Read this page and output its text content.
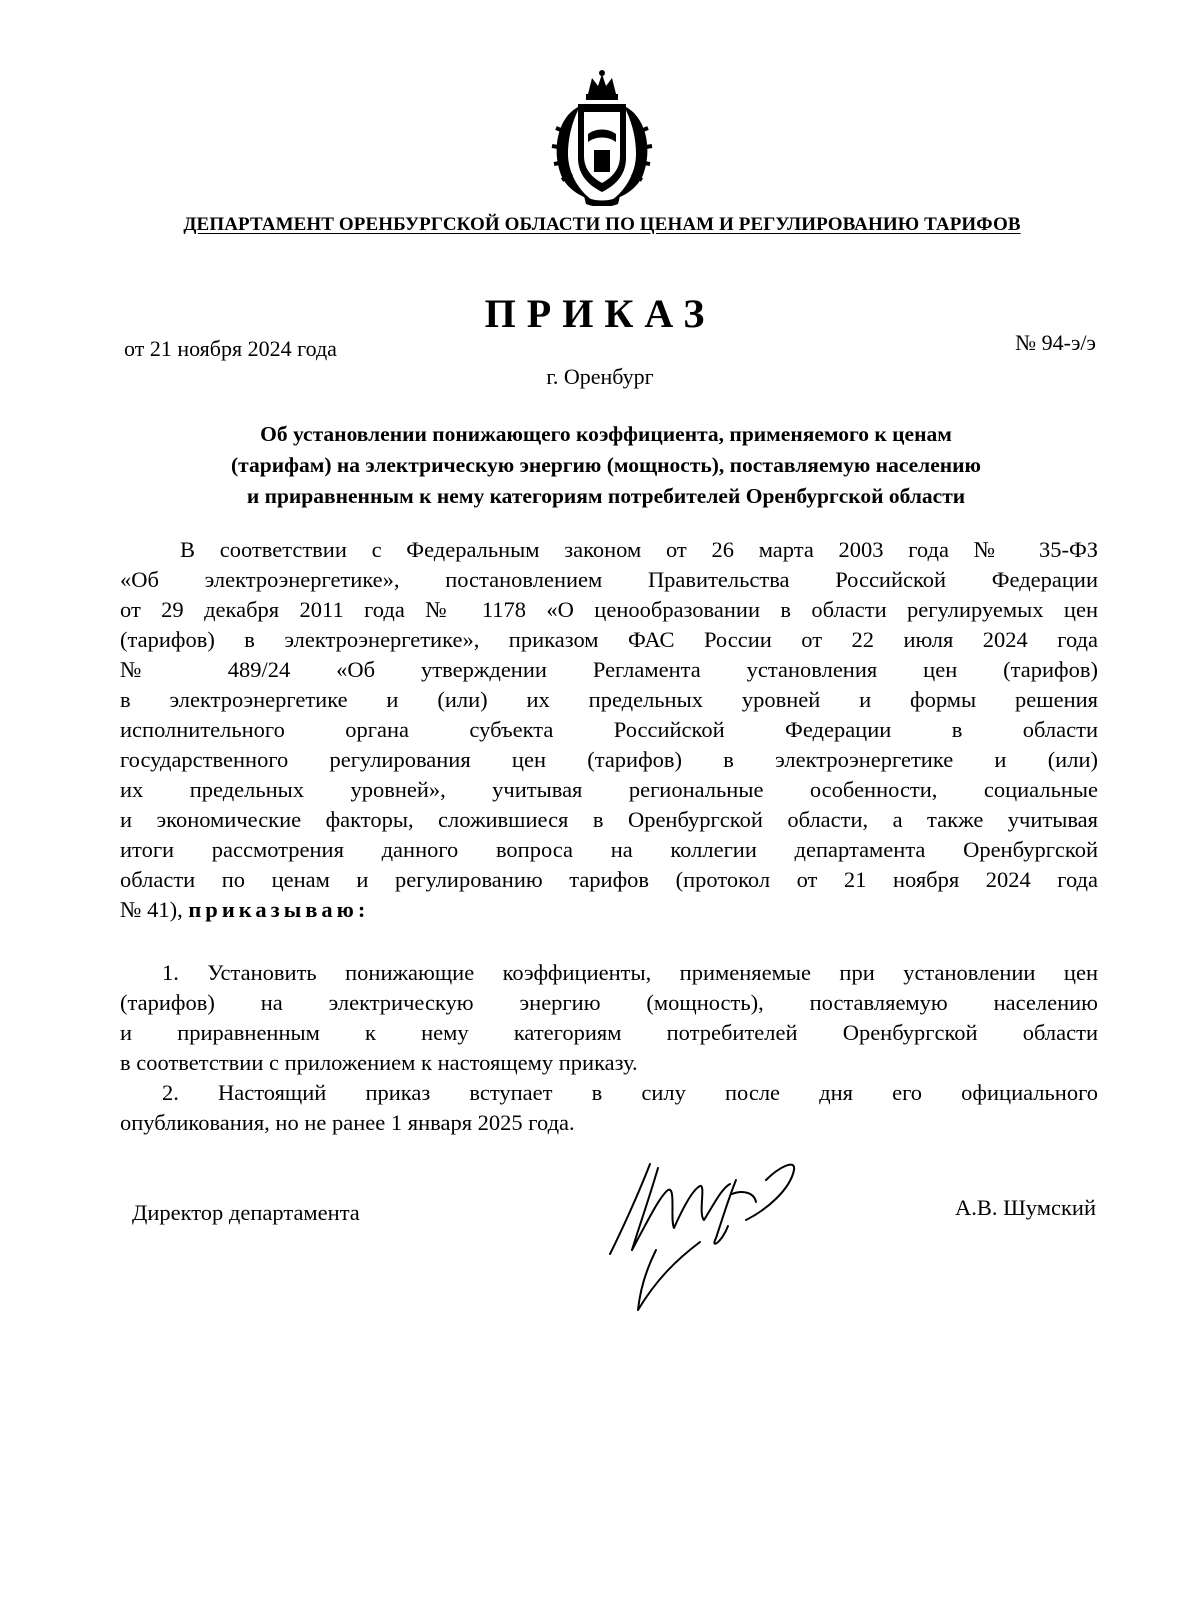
ДЕПАРТАМЕНТ ОРЕНБУРГСКОЙ ОБЛАСТИ ПО ЦЕНАМ И РЕГУЛИРОВАНИЮ ТАРИФОВ
ПРИКАЗ
от 21 ноября 2024 года	№ 94-э/э
г. Оренбург
Об установлении понижающего коэффициента, применяемого к ценам
(тарифам) на электрическую энергию (мощность), поставляемую населению
и приравненным к нему категориям потребителей Оренбургской области
В соответствии с Федеральным законом от 26 марта 2003 года № 35-ФЗ
«Об электроэнергетике», постановлением Правительства Российской Федерации
от 29 декабря 2011 года № 1178 «О ценообразовании в области регулируемых цен
(тарифов) в электроэнергетике», приказом ФАС России от 22 июля 2024 года
№ 489/24 «Об утверждении Регламента установления цен (тарифов)
в электроэнергетике и (или) их предельных уровней и формы решения
исполнительного органа субъекта Российской Федерации в области
государственного регулирования цен (тарифов) в электроэнергетике и (или)
их предельных уровней», учитывая региональные особенности, социальные
и экономические факторы, сложившиеся в Оренбургской области, а также учитывая
итоги рассмотрения данного вопроса на коллегии департамента Оренбургской
области по ценам и регулированию тарифов (протокол от 21 ноября 2024 года
№ 41), приказываю:
1. Установить понижающие коэффициенты, применяемые при установлении цен
(тарифов) на электрическую энергию (мощность), поставляемую населению
и приравненным к нему категориям потребителей Оренбургской области
в соответствии с приложением к настоящему приказу.
2. Настоящий приказ вступает в силу после дня его официального
опубликования, но не ранее 1 января 2025 года.
Директор департамента	А.В. Шумский
